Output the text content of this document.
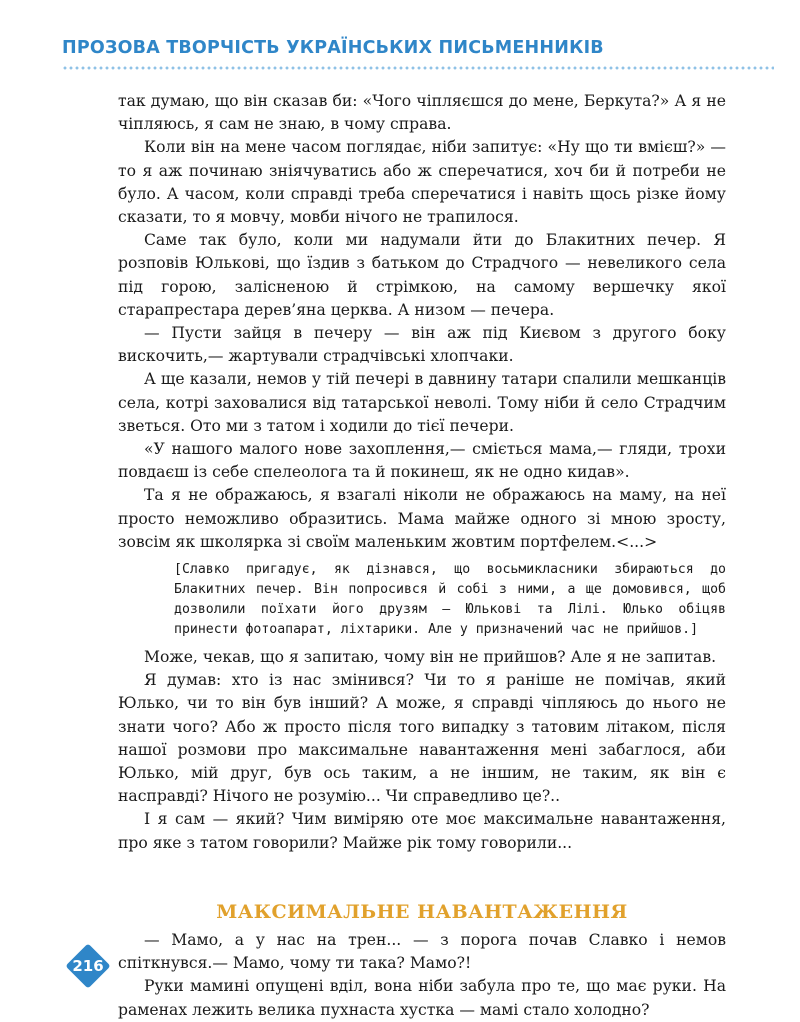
ПРОЗОВА ТВОРЧІСТЬ УКРАЇНСЬКИХ ПИСЬМЕННИКІВ

так думаю, що він сказав би: «Чого чіпляєшся до мене, Беркута?» А я не чіпляюсь, я сам не знаю, в чому справа.

Коли він на мене часом поглядає, ніби запитує: «Ну що ти вмієш?» — то я аж починаю зніячуватись або ж сперечатися, хоч би й потреби не було. А часом, коли справді треба сперечатися і навіть щось різке йому сказати, то я мовчу, мовби нічого не трапилося.

Саме так було, коли ми надумали йти до Блакитних печер. Я розповів Юлькові, що їздив з батьком до Страдчого — невеликого села під горою, залісненою й стрімкою, на самому вершечку якої старапрестара дерев’яна церква. А низом — печера.

— Пусти зайця в печеру — він аж під Києвом з другого боку вискочить,— жартували страдчівські хлопчаки.

А ще казали, немов у тій печері в давнину татари спалили мешканців села, котрі заховалися від татарської неволі. Тому ніби й село Страдчим зветься. Ото ми з татом і ходили до тієї печери.

«У нашого малого нове захоплення,— сміється мама,— гляди, трохи повдаєш із себе спелеолога та й покинеш, як не одно кидав».

Та я не ображаюсь, я взагалі ніколи не ображаюсь на маму, на неї просто неможливо образитись. Мама майже одного зі мною зросту, зовсім як школярка зі своїм маленьким жовтим портфелем.<...>

[Славко пригадує, як дізнався, що восьмикласники збираються до Блакитних печер. Він попросився й собі з ними, а ще домовився, щоб дозволили поїхати його друзям — Юлькові та Лілі. Юлько обіцяв принести фотоапарат, ліхтарики. Але у призначений час не прийшов.]

Може, чекав, що я запитаю, чому він не прийшов? Але я не запитав.

Я думав: хто із нас змінився? Чи то я раніше не помічав, який Юлько, чи то він був інший? А може, я справді чіпляюсь до нього не знати чого? Або ж просто після того випадку з татовим літаком, після нашої розмови про максимальне навантаження мені забаглося, аби Юлько, мій друг, був ось таким, а не іншим, не таким, як він є насправді? Нічого не розумію... Чи справедливо це?..

І я сам — який? Чим виміряю оте моє максимальне навантаження, про яке з татом говорили? Майже рік тому говорили...

МАКСИМАЛЬНЕ НАВАНТАЖЕННЯ

— Мамо, а у нас на трен... — з порога почав Славко і немов спіткнувся.— Мамо, чому ти така? Мамо?!

Руки мамині опущені вділ, вона ніби забула про те, що має руки. На раменах лежить велика пухнаста хустка — мамі стало холодно?

216
